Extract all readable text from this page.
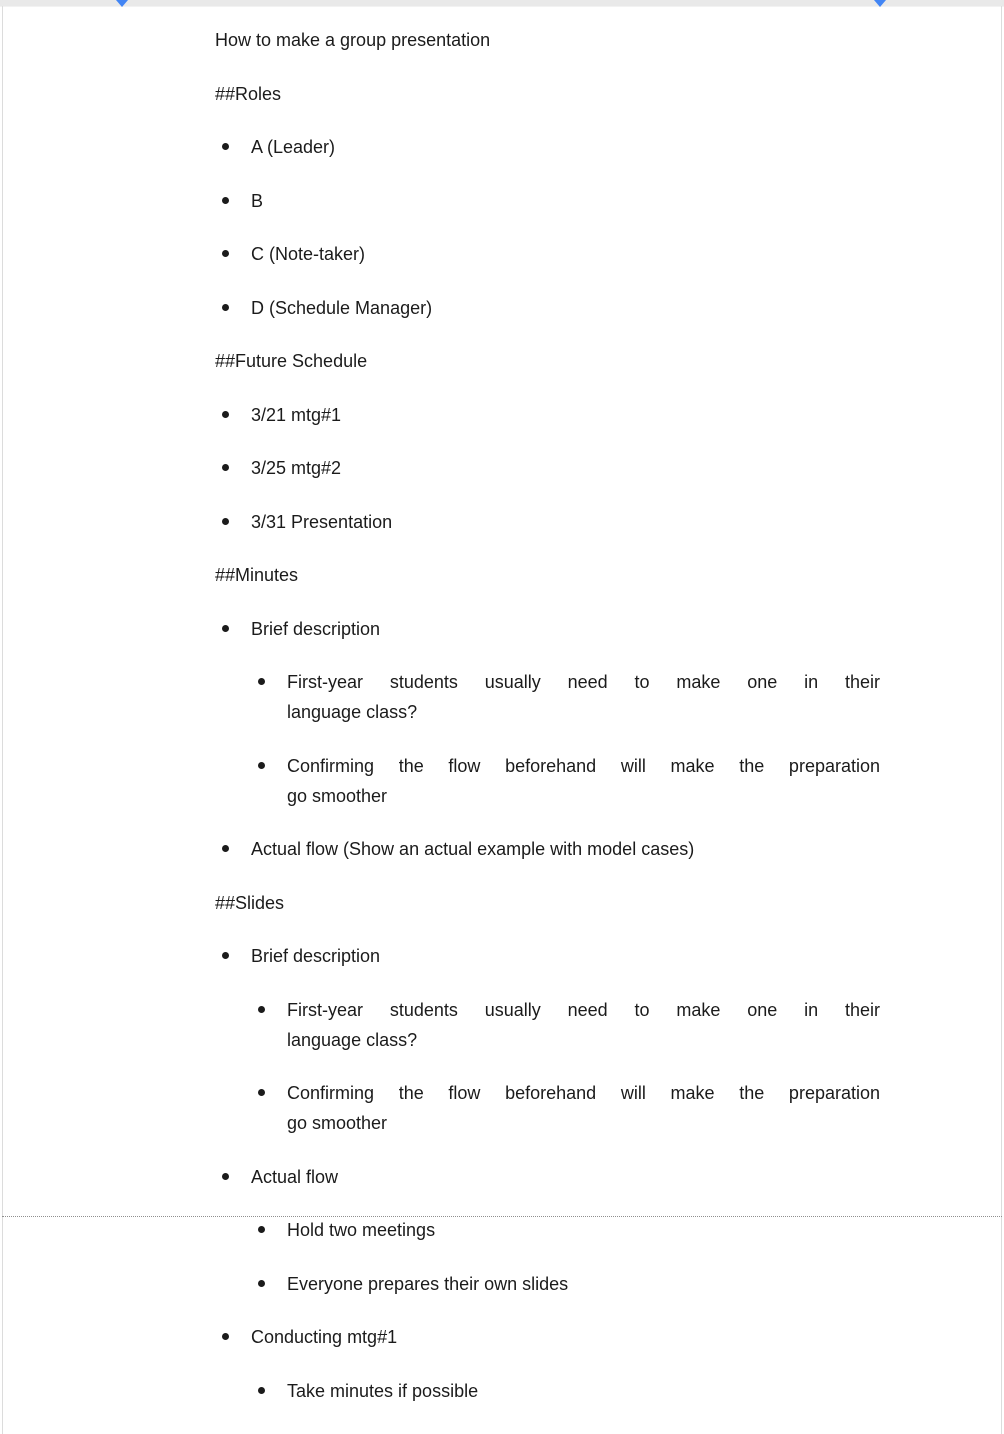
How to make a group presentation
##Roles
A (Leader)
B
C (Note-taker)
D (Schedule Manager)
##Future Schedule
3/21 mtg#1
3/25 mtg#2
3/31 Presentation
##Minutes
Brief description
First-year students usually need to make one in their
language class?
Confirming the flow beforehand will make the preparation
go smoother
Actual flow (Show an actual example with model cases)
##Slides
Brief description
First-year students usually need to make one in their
language class?
Confirming the flow beforehand will make the preparation
go smoother
Actual flow
Hold two meetings
Everyone prepares their own slides
Conducting mtg#1
Take minutes if possible
